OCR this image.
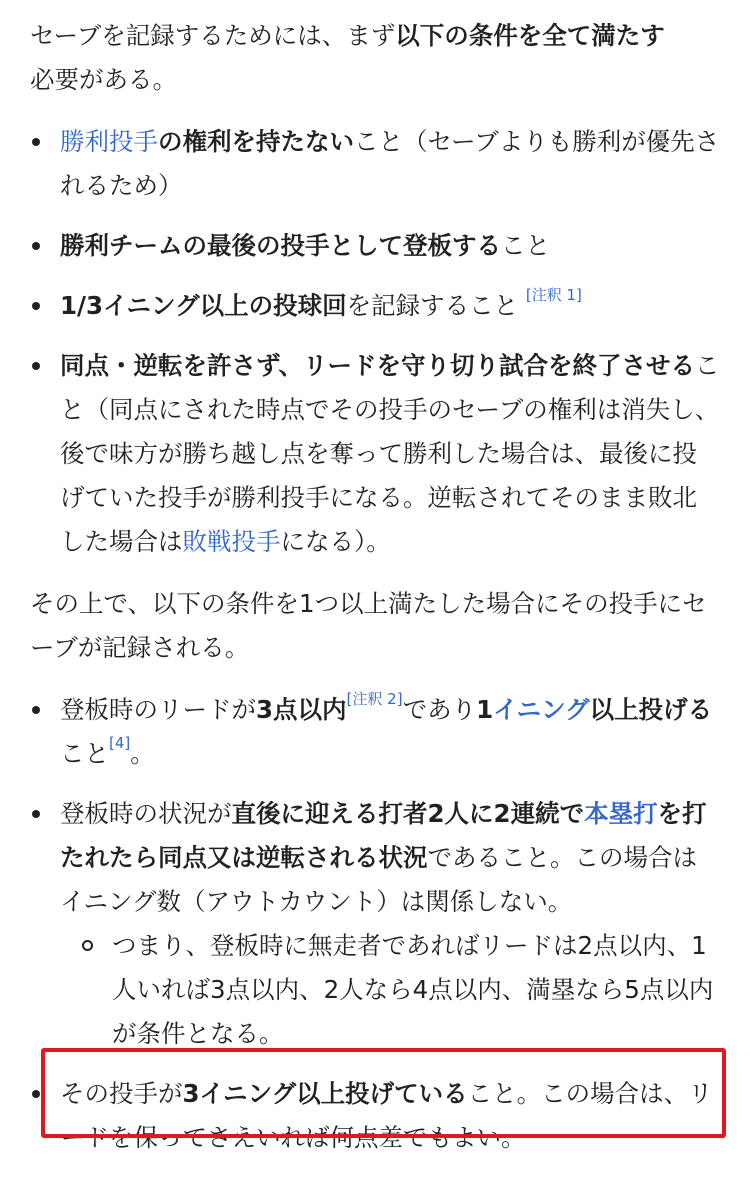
セーブを記録するためには、まず以下の条件を全て満たす
必要がある。

勝利投手の権利を持たないこと（セーブよりも勝利が優先されるため）
勝利チームの最後の投手として登板すること
1/3イニング以上の投球回を記録すること [注釈 1]
同点・逆転を許さず、リードを守り切り試合を終了させること（同点にされた時点でその投手のセーブの権利は消失し、後で味方が勝ち越し点を奪って勝利した場合は、最後に投げていた投手が勝利投手になる。逆転されてそのまま敗北した場合は敗戦投手になる）。

その上で、以下の条件を1つ以上満たした場合にその投手にセーブが記録される。

登板時のリードが3点以内[注釈 2]であり1イニング以上投げること[4]。
登板時の状況が直後に迎える打者2人に2連続で本塁打を打たれたら同点又は逆転される状況であること。この場合はイニング数（アウトカウント）は関係しない。
つまり、登板時に無走者であればリードは2点以内、1人いれば3点以内、2人なら4点以内、満塁なら5点以内が条件となる。
その投手が3イニング以上投げていること。この場合は、リードを保ってさえいれば何点差でもよい。
